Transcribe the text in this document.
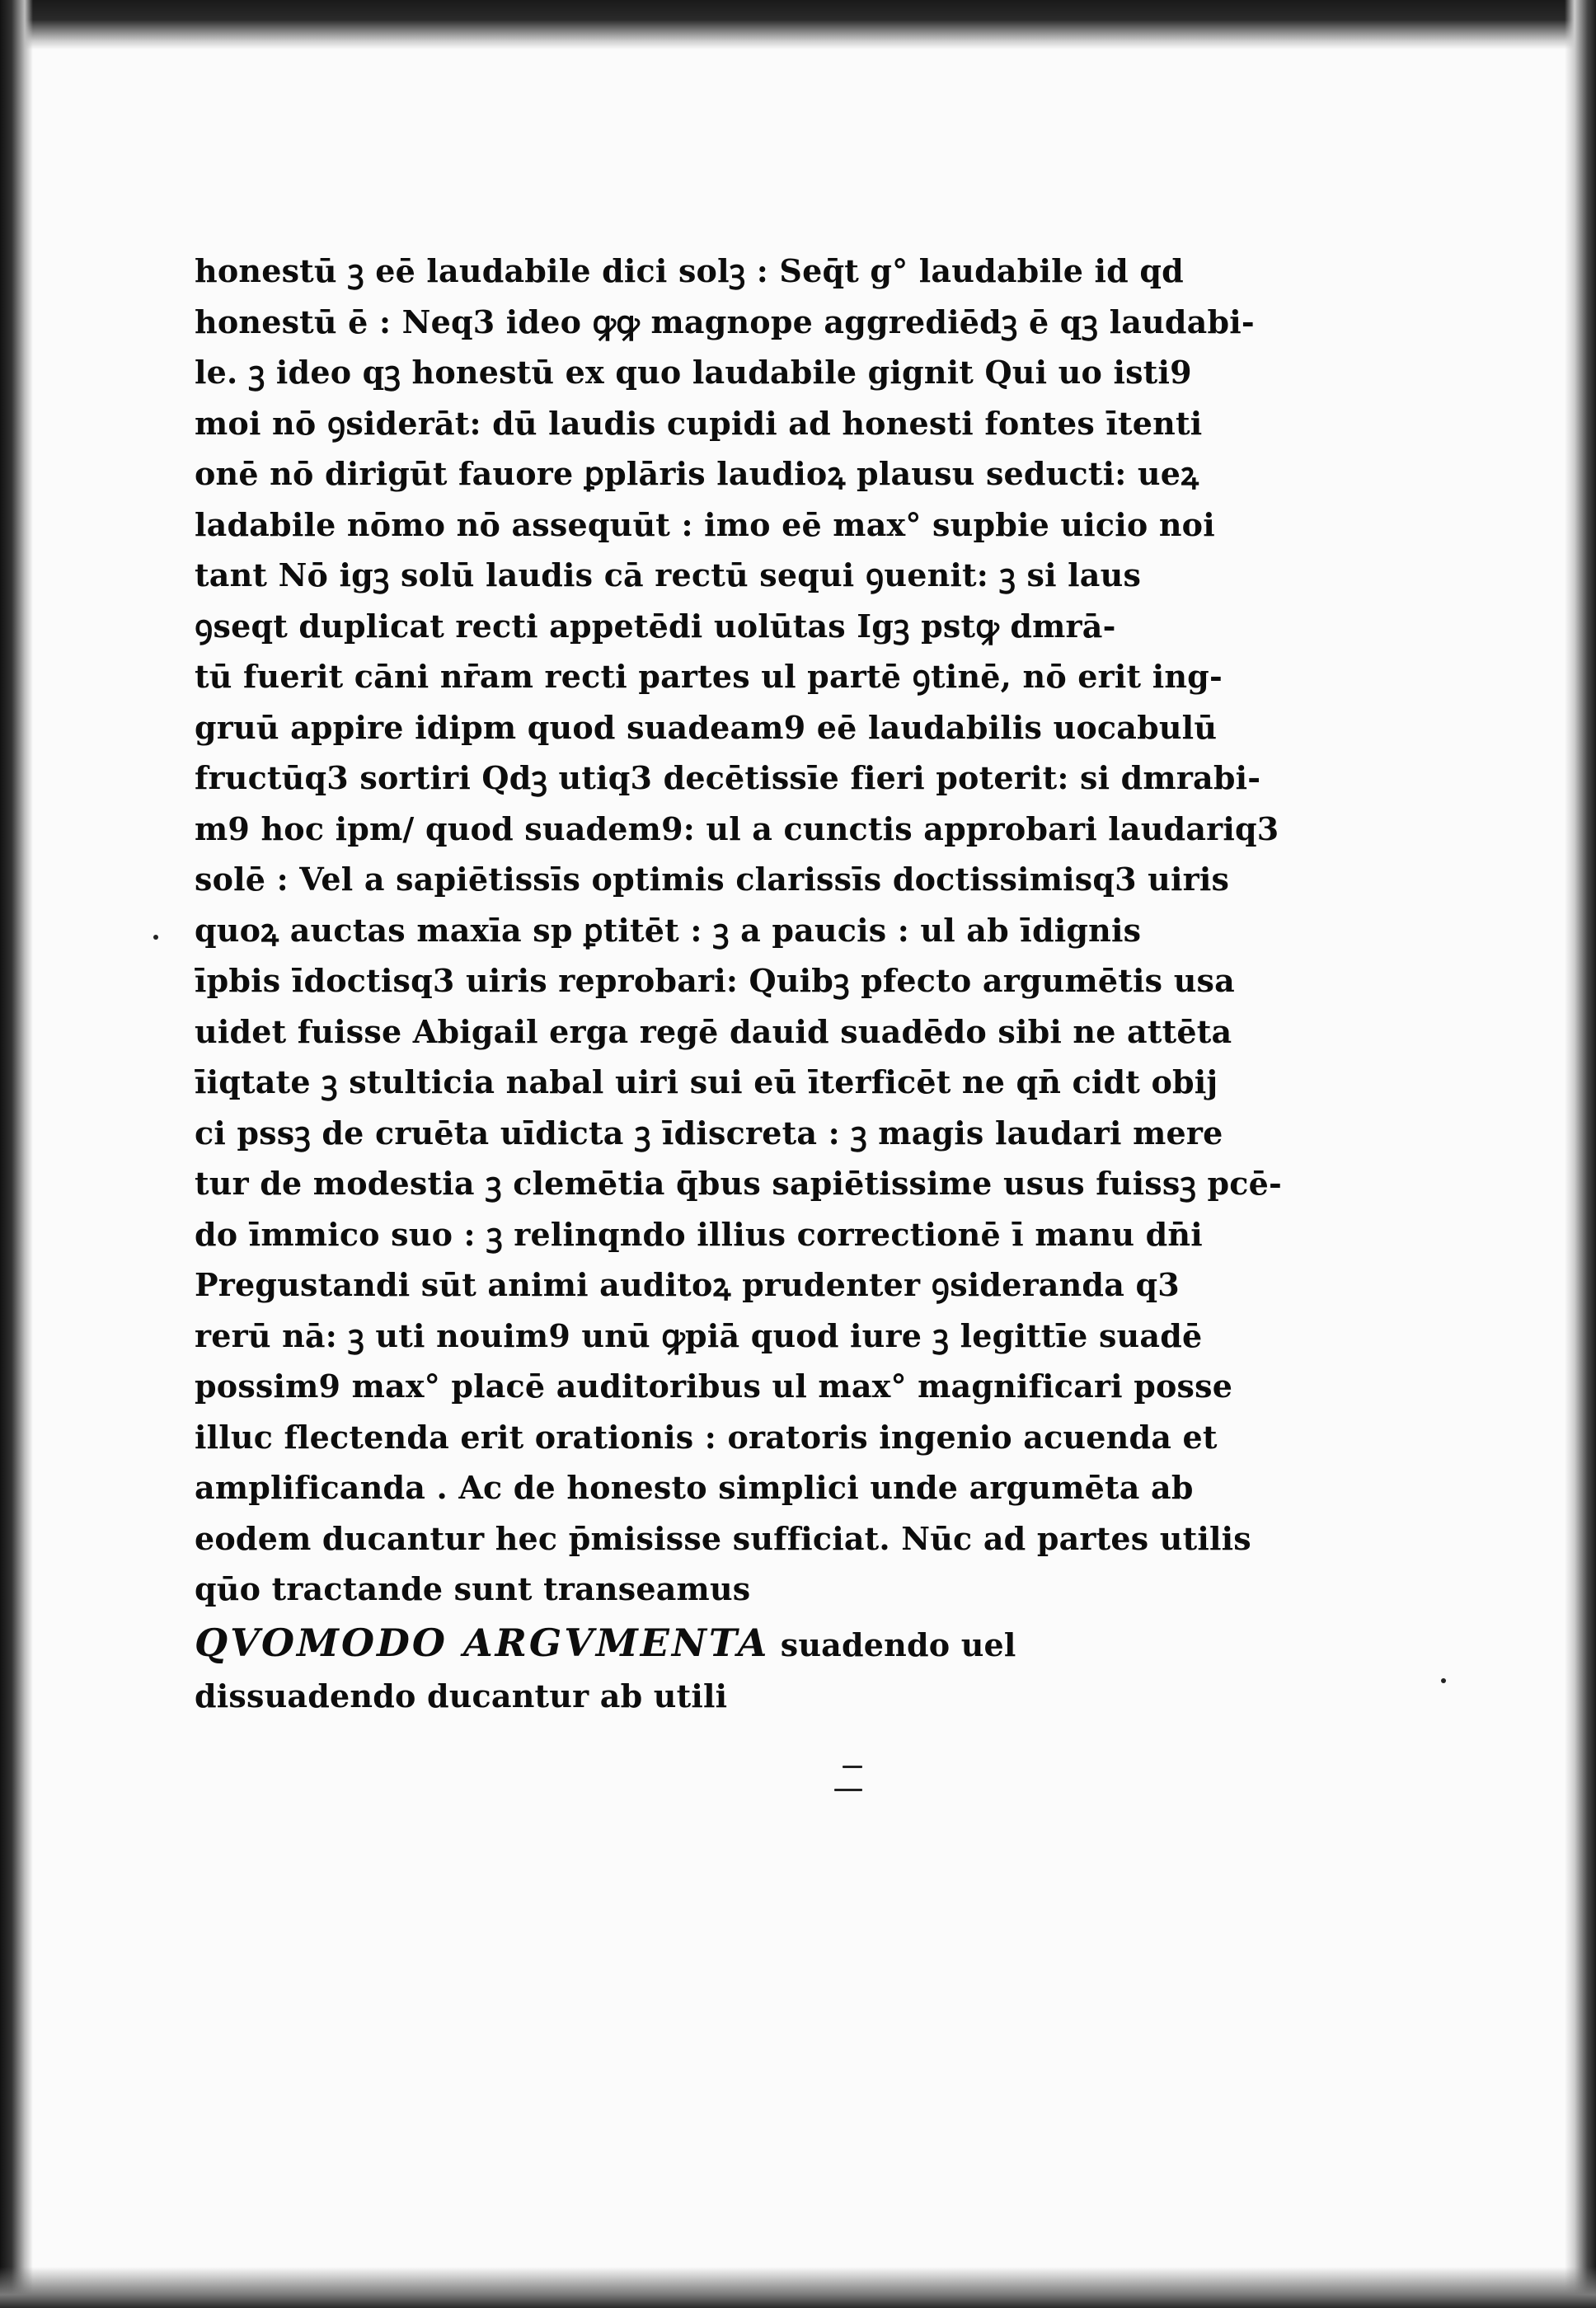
honestū ꝫ eē laudabile dici solꝫ : Seq̄t g° laudabile id qd
honestū ē : Neq3 ideo ꝙꝙ magnope aggrediēdꝫ ē qꝫ laudabi-
le. ꝫ ideo qꝫ honestū ex quo laudabile gignit Qui uo isti9
moi nō ꝯsiderāt: dū laudis cupidi ad honesti fontes ītenti
onē nō dirigūt fauore ꝑplāris laudioꝝ plausu seducti: ueꝝ
ladabile nōmo nō assequūt : imo eē max° supbie uicio noi
tant Nō igꝫ solū laudis cā rectū sequi ꝯuenit: ꝫ si laus
ꝯseqt duplicat recti appetēdi uolūtas Igꝫ pstꝙ dmrā-
tū fuerit cāni nr̄am recti partes ul partē ꝯtinē, nō erit ing-
gruū appire idipm quod suadeam9 eē laudabilis uocabulū
fructūq3 sortiri Qdꝫ utiq3 decētissīe fieri poterit: si dmrabi-
m9 hoc ipm/ quod suadem9: ul a cunctis approbari laudariq3
solē : Vel a sapiētissīs optimis clarissīs doctissimisq3 uiris
quoꝝ auctas maxīa sp ꝑtitēt : ꝫ a paucis : ul ab īdignis
īpbis īdoctisq3 uiris reprobari: Quibꝫ pfecto argumētis usa
uidet fuisse Abigail erga regē dauid suadēdo sibi ne attēta
īiqtate ꝫ stulticia nabal uiri sui eū īterficēt ne qn̄ cidt obij
ci pssꝫ de cruēta uīdicta ꝫ īdiscreta : ꝫ magis laudari mere
tur de modestia ꝫ clemētia q̄bus sapiētissime usus fuissꝫ pcē-
do īmmico suo : ꝫ relinqndo illius correctionē ī manu dn̄i
Pregustandi sūt animi auditoꝝ prudenter ꝯsideranda q3
rerū nā: ꝫ uti nouim9 unū ꝙpiā quod iure ꝫ legittīe suadē
possim9 max° placē auditoribus ul max° magnificari posse
illuc flectenda erit orationis : oratoris ingenio acuenda et
amplificanda . Ac de honesto simplici unde argumēta ab
eodem ducantur hec p̄misisse sufficiat. Nūc ad partes utilis
qūo tractande sunt transeamus
QVOMODO ARGVMENTA suadendo uel
dissuadendo ducantur ab utili
